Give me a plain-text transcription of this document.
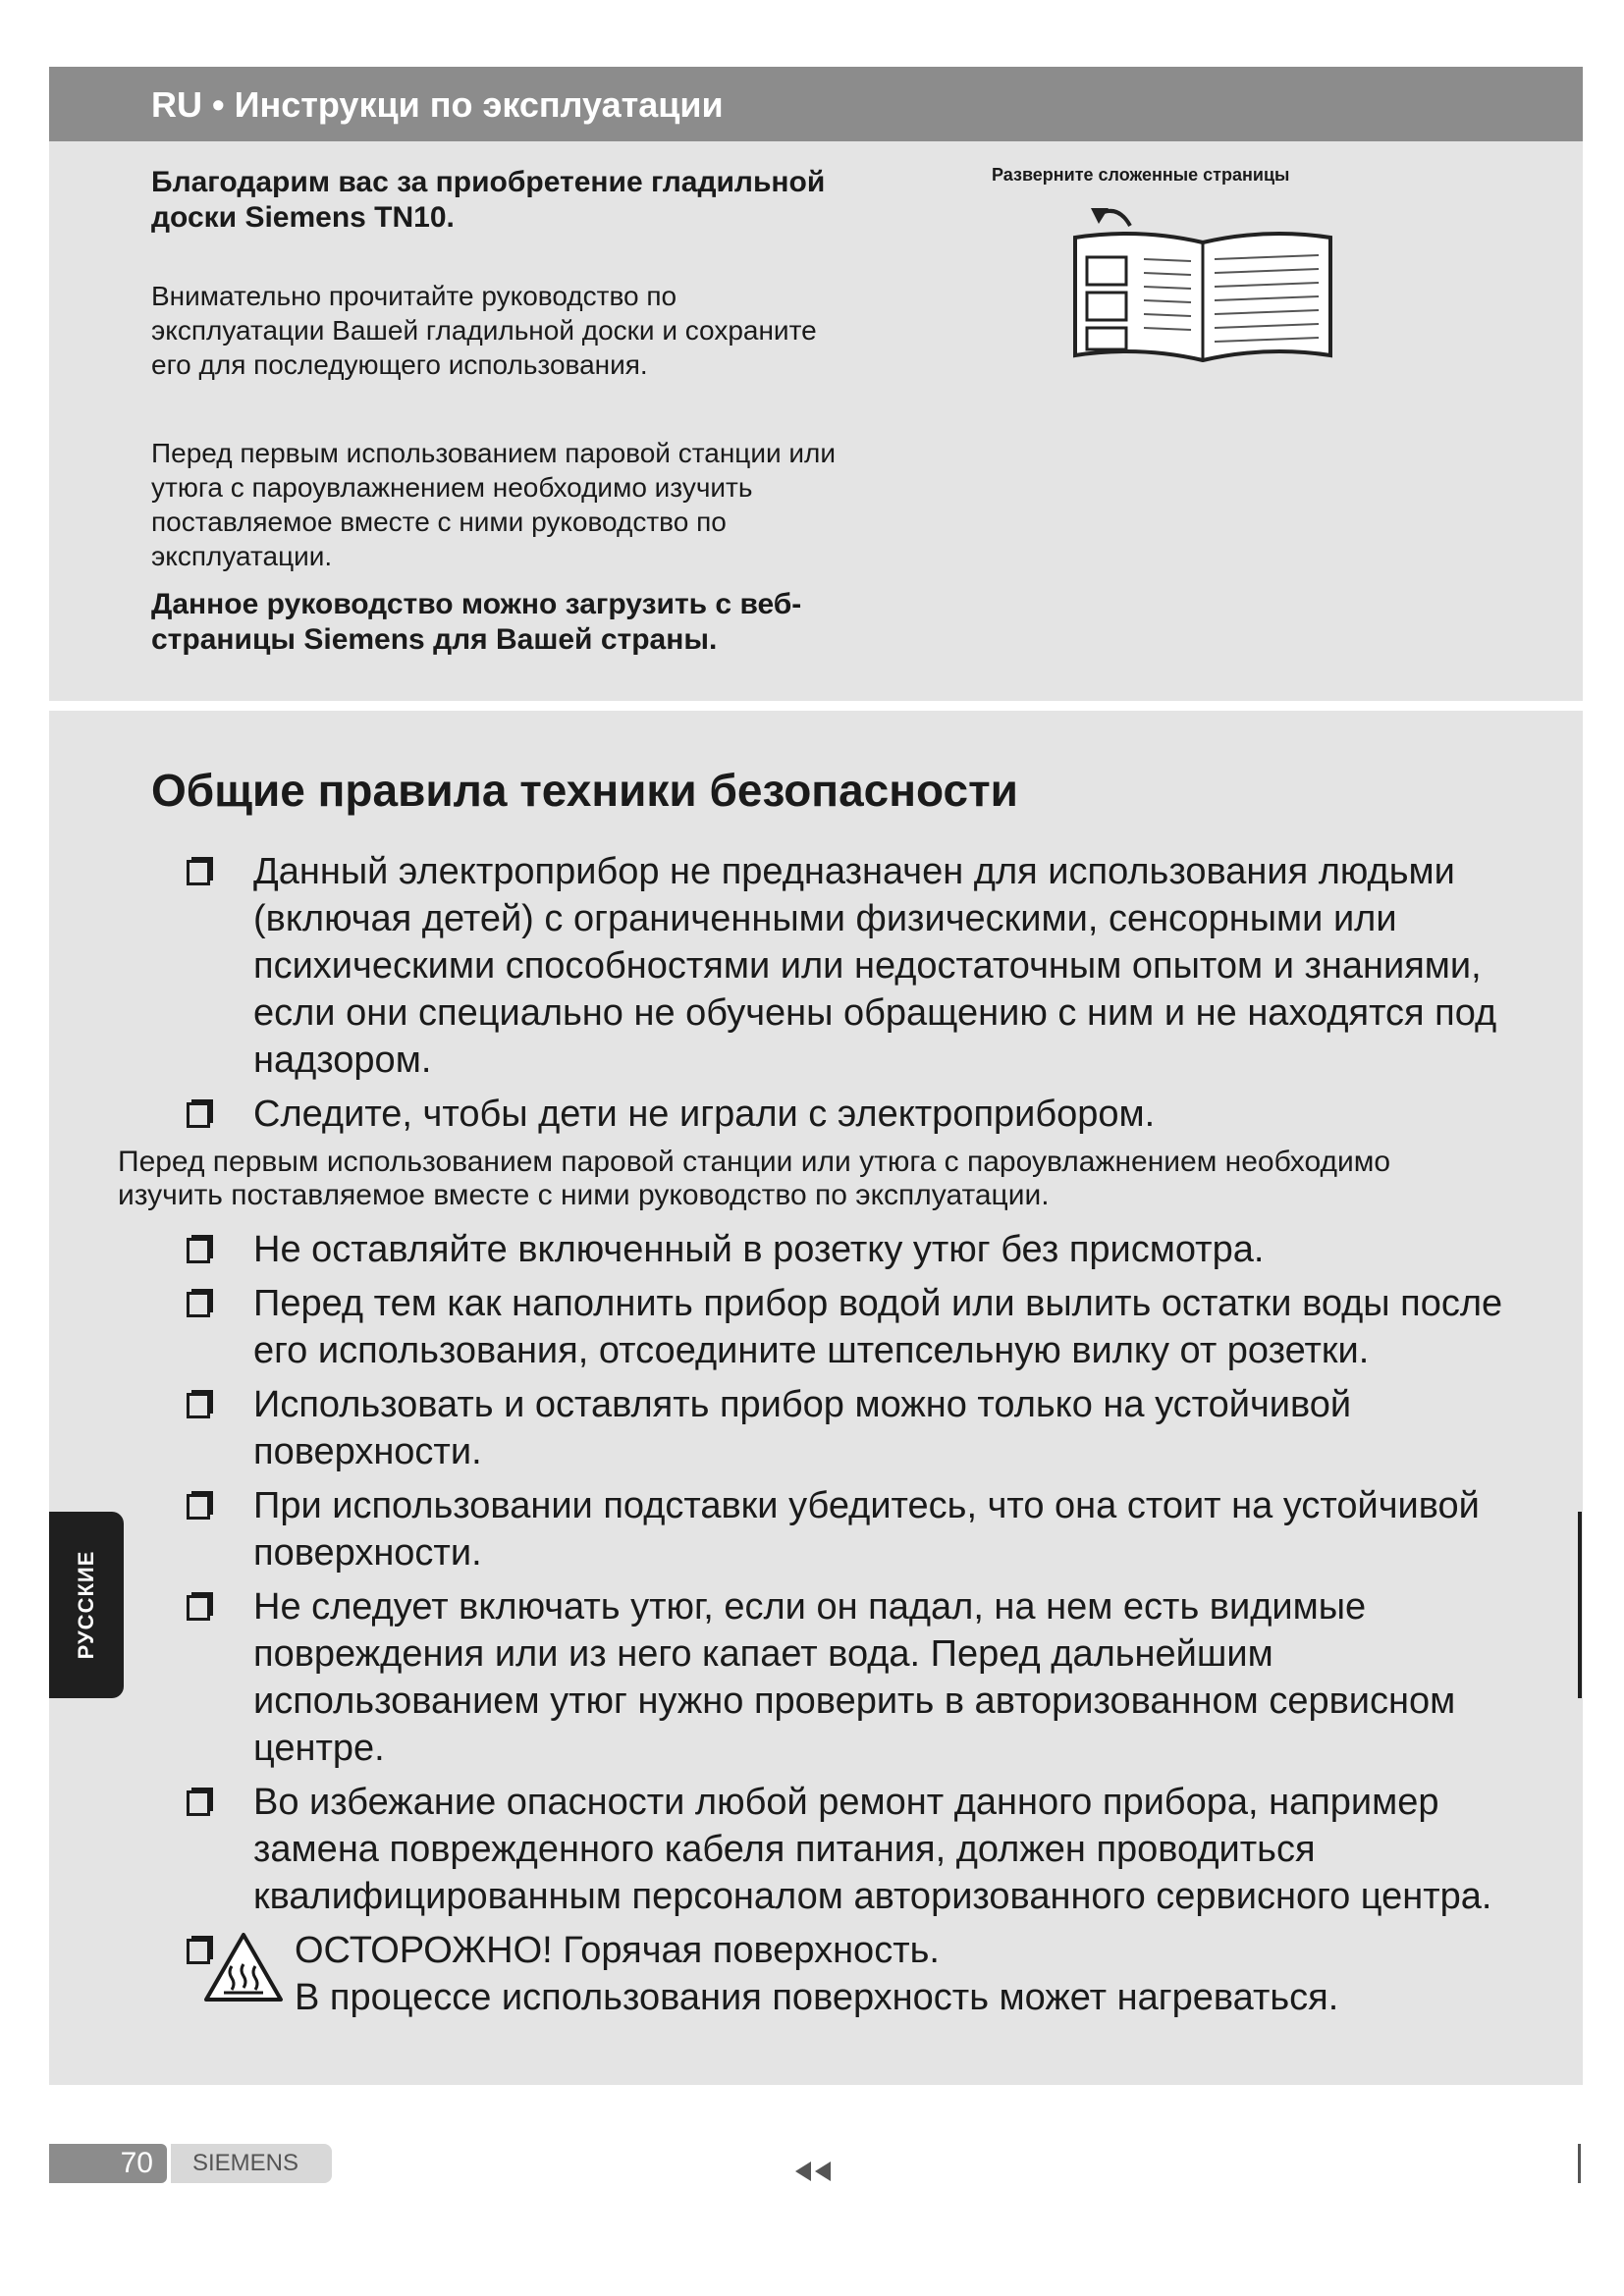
RU • Инструкци по эксплуатации
Благодарим вас за приобретение гладильной доски Siemens TN10.
Внимательно прочитайте руководство по эксплуатации Вашей гладильной доски и сохраните его для последующего использования.
Перед первым использованием паровой станции или утюга с пароувлажнением необходимо изучить поставляемое вместе с ними руководство по эксплуатации.
Данное руководство можно загрузить с веб-страницы Siemens для Вашей страны.
Разверните сложенные страницы
Общие правила техники безопасности
Данный электроприбор не предназначен для использования людьми (включая детей) с ограниченными физическими, сенсорными или психическими способностями или недостаточным опытом и знаниями, если они специально не обучены обращению с ним и не находятся под надзором.
Следите, чтобы дети не играли с электроприбором.
Перед первым использованием паровой станции или утюга с пароувлажнением необходимо изучить поставляемое вместе с ними руководство по эксплуатации.
Не оставляйте включенный в розетку утюг без присмотра.
Перед тем как наполнить прибор водой или вылить остатки воды после его использования, отсоедините штепсельную вилку от розетки.
Использовать и оставлять прибор можно только на устойчивой поверхности.
При использовании подставки убедитесь, что она стоит на устойчивой поверхности.
Не следует включать утюг, если он падал, на нем есть видимые повреждения или из него капает вода. Перед дальнейшим использованием утюг нужно проверить в авторизованном сервисном центре.
Во избежание опасности любой ремонт данного прибора, например замена поврежденного кабеля питания, должен проводиться квалифицированным персоналом авторизованного сервисного центра.
ОСТОРОЖНО! Горячая поверхность.
В процессе использования поверхность может нагреваться.
РУССКИЕ
70	SIEMENS
